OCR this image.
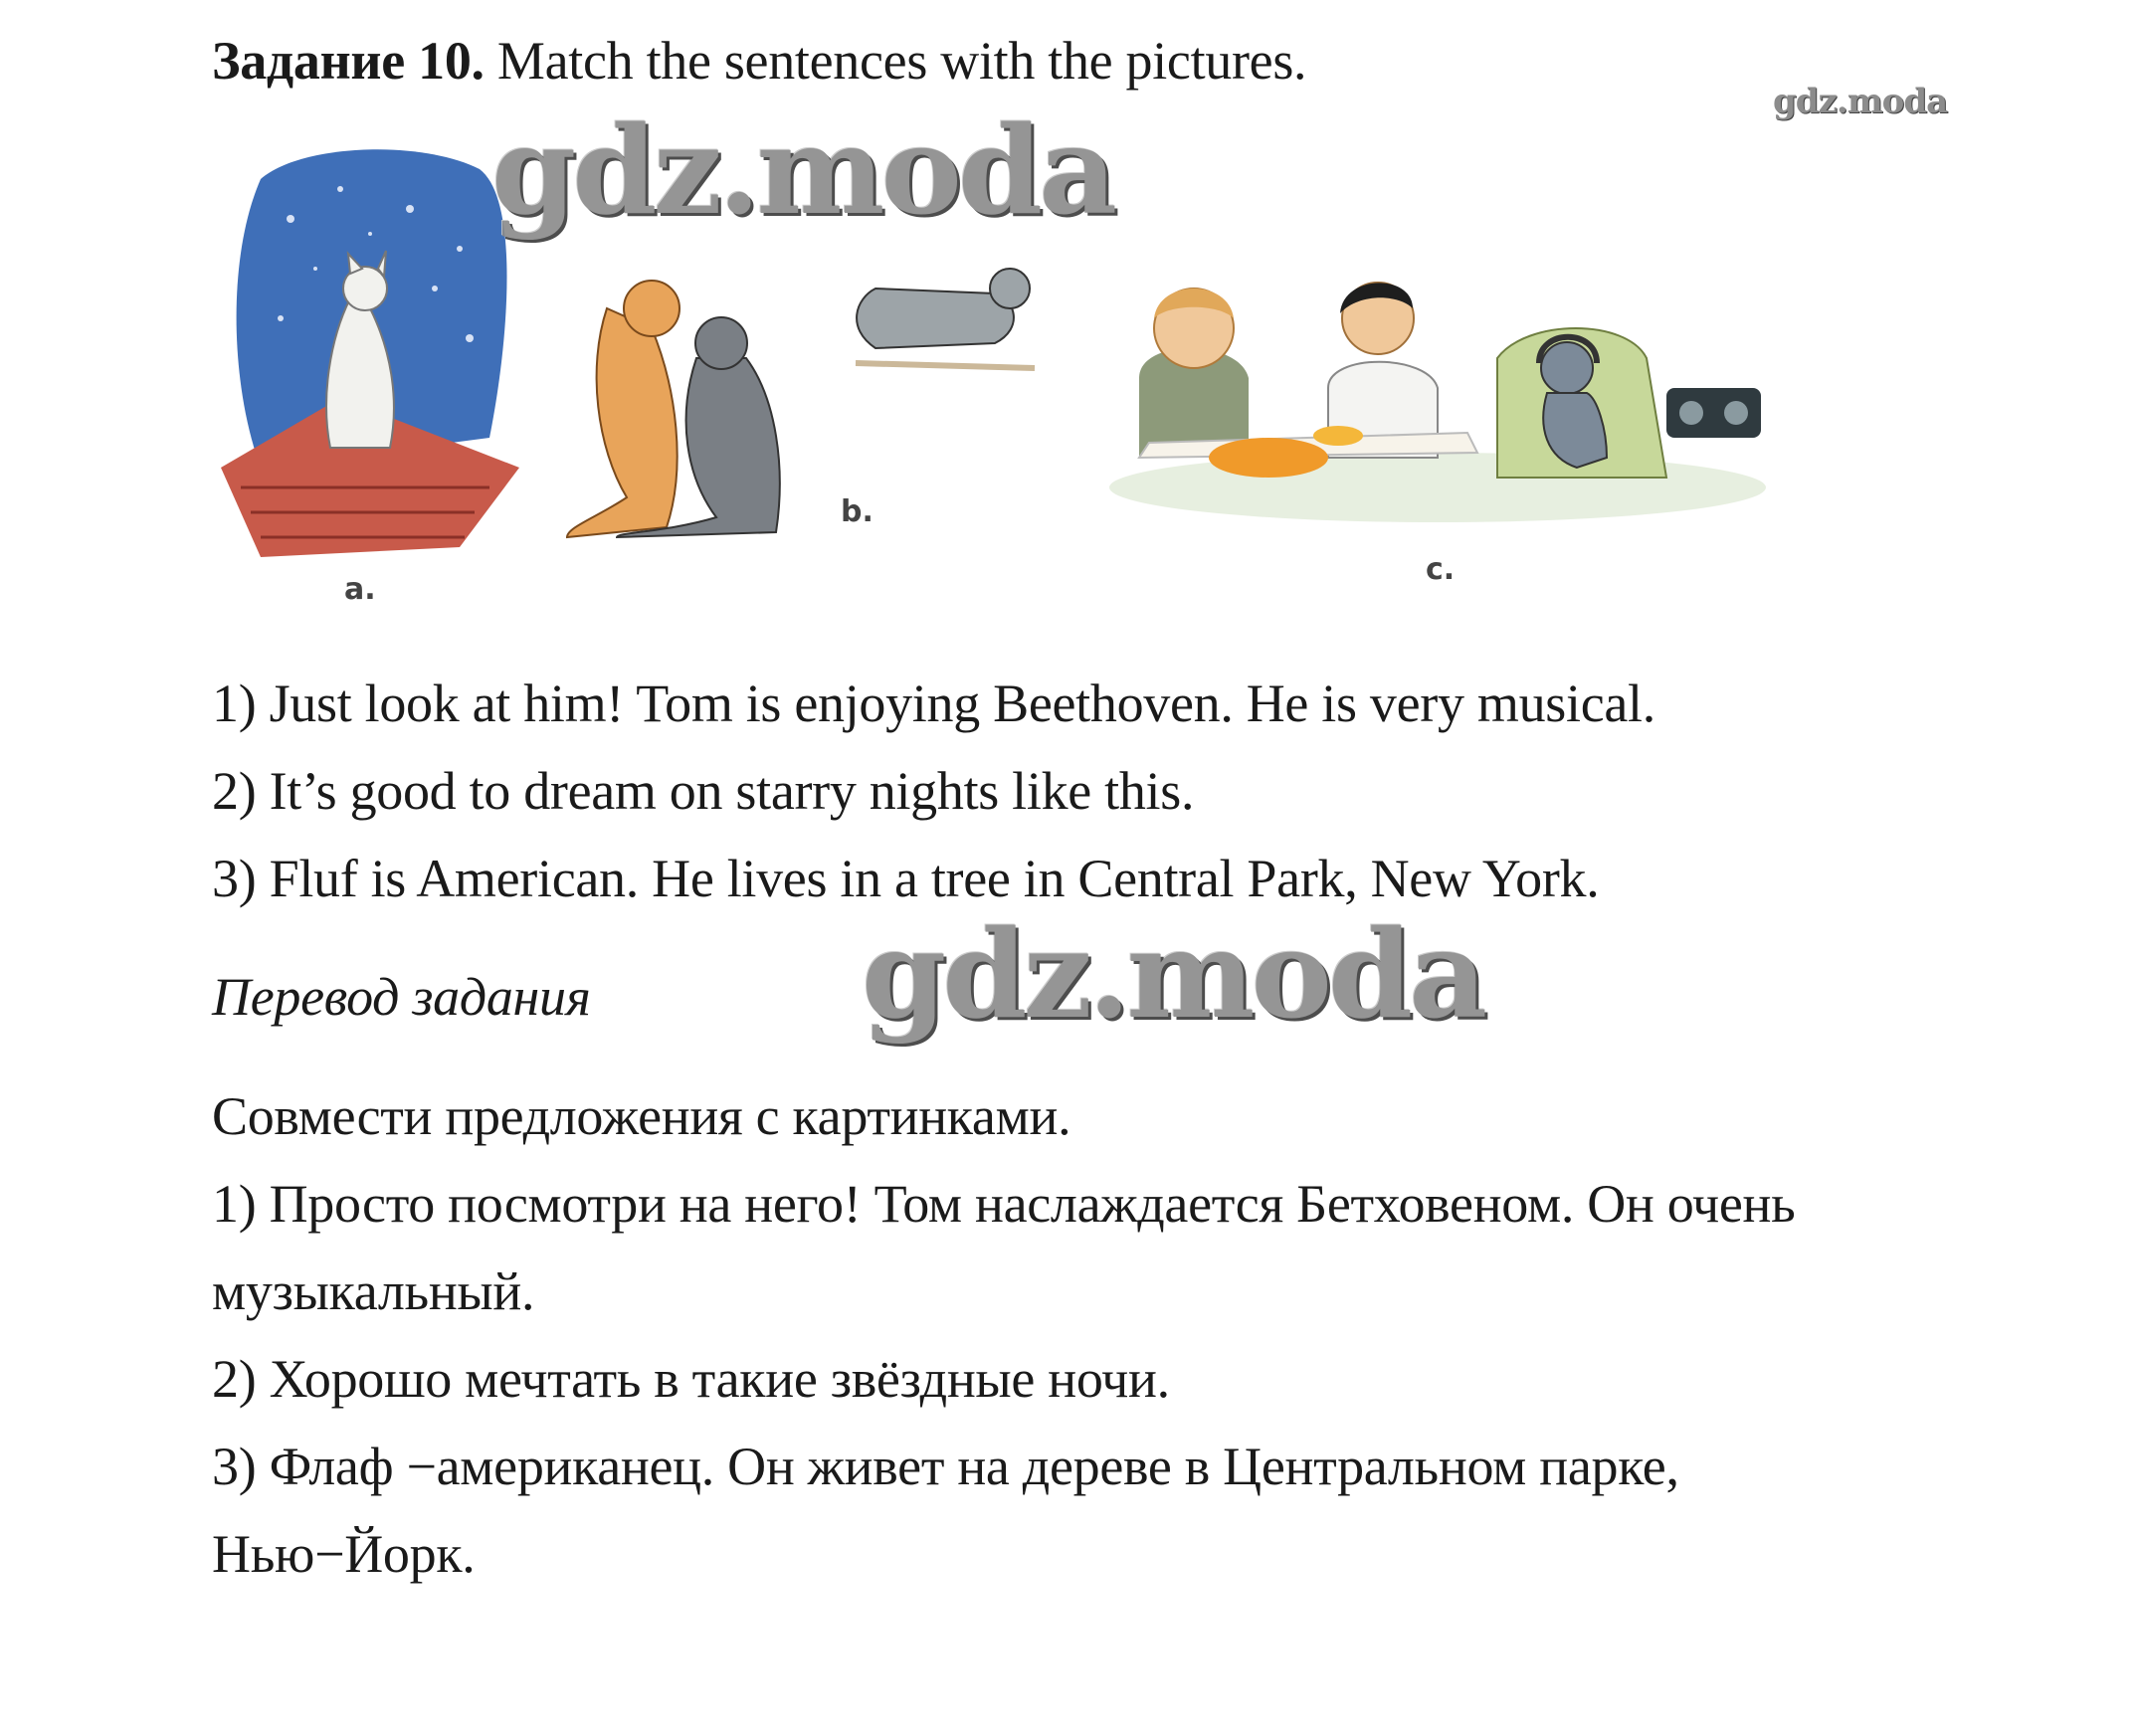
Задание 10. Match the sentences with the pictures.
gdz.moda
a.
b.
c.
gdz.moda
1) Just look at him! Tom is enjoying Beethoven. He is very musical.
2) It’s good to dream on starry nights like this.
3) Fluf is American. He lives in a tree in Central Park, New York.
Перевод задания gdz.moda
Совмести предложения с картинками.
1) Просто посмотри на него! Том наслаждается Бетховеном. Он очень
музыкальный.
2) Хорошо мечтать в такие звёздные ночи.
3) Флаф −американец. Он живет на дереве в Центральном парке,
Нью−Йорк.
